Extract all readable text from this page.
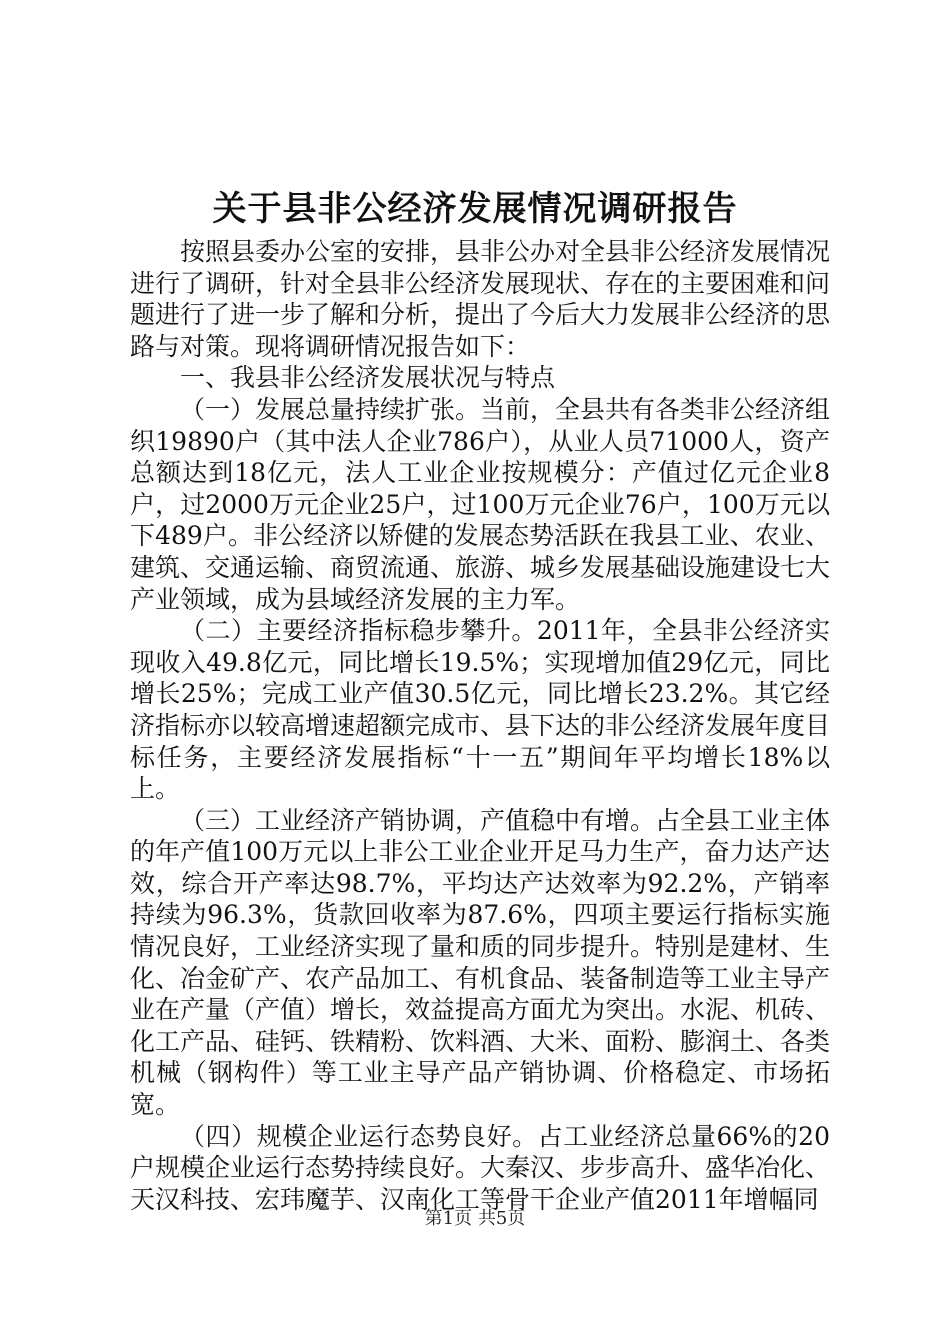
关于县非公经济发展情况调研报告

按照县委办公室的安排，县非公办对全县非公经济发展情况进行了调研，针对全县非公经济发展现状、存在的主要困难和问题进行了进一步了解和分析，提出了今后大力发展非公经济的思路与对策。现将调研情况报告如下：

一、我县非公经济发展状况与特点

（一）发展总量持续扩张。当前，全县共有各类非公经济组织19890户（其中法人企业786户），从业人员71000人，资产总额达到18亿元，法人工业企业按规模分：产值过亿元企业8户，过2000万元企业25户，过100万元企业76户，100万元以下489户。非公经济以矫健的发展态势活跃在我县工业、农业、建筑、交通运输、商贸流通、旅游、城乡发展基础设施建设七大产业领域，成为县域经济发展的主力军。

（二）主要经济指标稳步攀升。2011年，全县非公经济实现收入49.8亿元，同比增长19.5%；实现增加值29亿元，同比增长25%；完成工业产值30.5亿元，同比增长23.2%。其它经济指标亦以较高增速超额完成市、县下达的非公经济发展年度目标任务，主要经济发展指标“十一五”期间年平均增长18%以上。

（三）工业经济产销协调，产值稳中有增。占全县工业主体的年产值100万元以上非公工业企业开足马力生产，奋力达产达效，综合开产率达98.7%，平均达产达效率为92.2%，产销率持续为96.3%，货款回收率为87.6%，四项主要运行指标实施情况良好，工业经济实现了量和质的同步提升。特别是建材、生化、冶金矿产、农产品加工、有机食品、装备制造等工业主导产业在产量（产值）增长，效益提高方面尤为突出。水泥、机砖、化工产品、硅钙、铁精粉、饮料酒、大米、面粉、膨润土、各类机械（钢构件）等工业主导产品产销协调、价格稳定、市场拓宽。

（四）规模企业运行态势良好。占工业经济总量66%的20户规模企业运行态势持续良好。大秦汉、步步高升、盛华冶化、天汉科技、宏玮魔芋、汉南化工等骨干企业产值2011年增幅同

第1页 共5页
